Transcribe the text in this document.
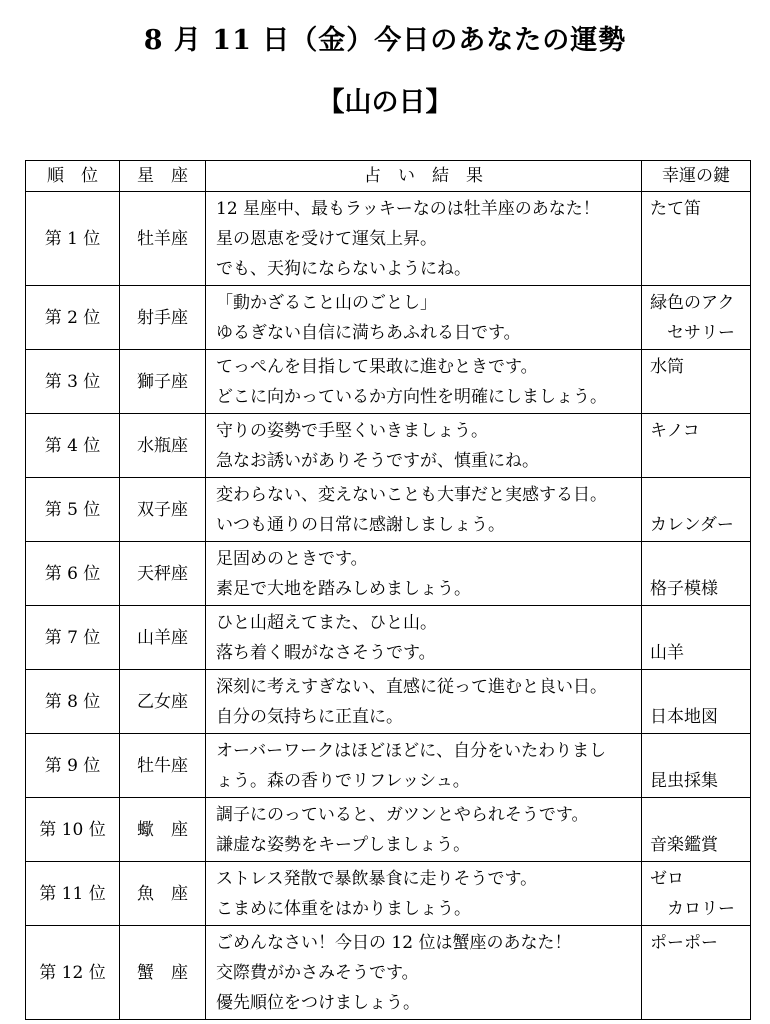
8 月 11 日（金）今日のあなたの運勢
【山の日】
順　位	星　座	占　い　結　果	幸運の鍵
第 1 位	牡羊座	12 星座中、最もラッキーなのは牡羊座のあなた！
星の恩恵を受けて運気上昇。
でも、天狗にならないようにね。	たて笛

第 2 位	射手座	「動かざること山のごとし」
ゆるぎない自信に満ちあふれる日です。	緑色のアク
　セサリー

第 3 位	獅子座	てっぺんを目指して果敢に進むときです。
どこに向かっているか方向性を明確にしましょう。	水筒

第 4 位	水瓶座	守りの姿勢で手堅くいきましょう。
急なお誘いがありそうですが、慎重にね。	キノコ

第 5 位	双子座	変わらない、変えないことも大事だと実感する日。
いつも通りの日常に感謝しましょう。	カレンダー

第 6 位	天秤座	足固めのときです。
素足で大地を踏みしめましょう。	格子模様

第 7 位	山羊座	ひと山超えてまた、ひと山。
落ち着く暇がなさそうです。	山羊

第 8 位	乙女座	深刻に考えすぎない、直感に従って進むと良い日。
自分の気持ちに正直に。	日本地図

第 9 位	牡牛座	オーバーワークはほどほどに、自分をいたわりまし
ょう。森の香りでリフレッシュ。	昆虫採集

第 10 位	蠍　座	調子にのっていると、ガツンとやられそうです。
謙虚な姿勢をキープしましょう。	音楽鑑賞

第 11 位	魚　座	ストレス発散で暴飲暴食に走りそうです。
こまめに体重をはかりましょう。	ゼロ
　カロリー

第 12 位	蟹　座	ごめんなさい！今日の 12 位は蟹座のあなた！
交際費がかさみそうです。
優先順位をつけましょう。	ポーポー
